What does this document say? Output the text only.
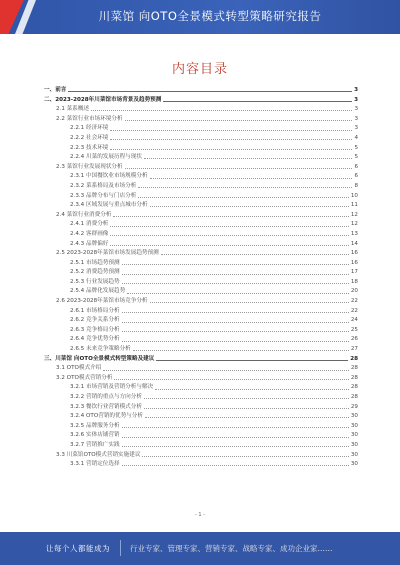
川菜馆 向OTO全景模式转型策略研究报告
内容目录
一、前言	3
二、2023-2028年川菜馆市场背景及趋势预测	3
2.1 菜系概述	3
2.2 菜馆行业市场环境分析	3
2.2.1 经济环境	3
2.2.2 社会环境	4
2.2.3 技术环境	5
2.2.4 川菜的发展历程与现状	5
2.3 菜馆行业发展现状分析	6
2.3.1 中国餐饮业市场规模分析	6
2.3.2 菜系格局及市场分析	8
2.3.3 品牌分布与门店分析	10
2.3.4 区域发展与重点城市分析	11
2.4 菜馆行业消费分析	12
2.4.1 消费分析	12
2.4.2 客群画像	13
2.4.3 品牌偏好	14
2.5 2023-2028年菜馆市场发展趋势预测	16
2.5.1 市场趋势预测	16
2.5.2 消费趋势预测	17
2.5.3 行业发展趋势	18
2.5.4 品牌化发展趋势	20
2.6 2023-2028年菜馆市场竞争分析	22
2.6.1 市场格局分析	22
2.6.2 竞争关系分析	24
2.6.3 竞争格局分析	25
2.6.4 竞争优势分析	26
2.6.5 未来竞争策略分析	27
三、川菜馆 向OTO全景模式转型策略及建议	28
3.1 OTO模式介绍	28
3.2 OTO模式营销分析	28
3.2.1 市场营销及营销分析与解决	28
3.2.2 营销的重点与方向分析	28
3.2.3 餐饮行业营销模式分析	29
3.2.4 OTO营销的优势与分析	30
3.2.5 品牌服务分析	30
3.2.6 实体店铺营销	30
3.2.7 营销推广实践	30
3.3 川菜馆OTO模式营销实施建议	30
3.3.1 营销定位选择	30
- 1 -
让每个人都能成为	行业专家、管理专家、营销专家、战略专家、成功企业家……
